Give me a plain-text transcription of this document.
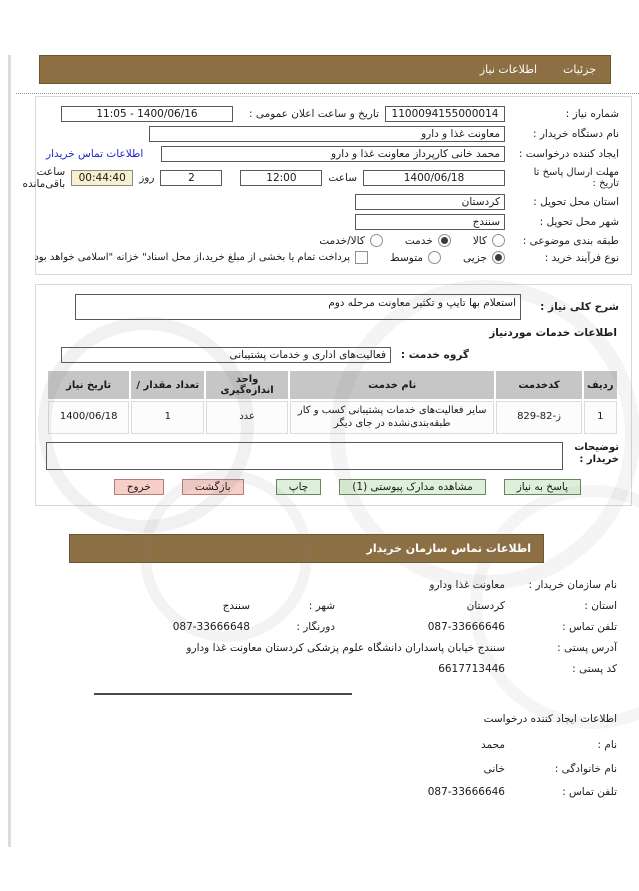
جزئیات
اطلاعات نیاز
شماره نیاز :
1100094155000014
تاریخ و ساعت اعلان عمومی :
11:05 - 1400/06/16
نام دستگاه خریدار :
معاونت غذا و دارو
ایجاد کننده درخواست :
محمد خانی کارپرداز معاونت غذا و دارو
اطلاعات تماس خریدار
مهلت ارسال پاسخ تا تاریخ :
1400/06/18
ساعت
12:00
2
روز
00:44:40
ساعت باقی‌مانده
استان محل تحویل :
کردستان
شهر محل تحویل :
سنندج
طبقه بندی موضوعی :
کالا
خدمت
کالا/خدمت
نوع فرآیند خرید :
جزیی
متوسط
پرداخت تمام یا بخشی از مبلغ خرید،از محل اسناد" خزانه "اسلامی خواهد بود
شرح کلی نیاز :
استعلام بها تایپ و تکثیر معاونت مرحله دوم
اطلاعات خدمات موردنیاز
گروه خدمت :
فعالیت‌های اداری و خدمات پشتیبانی
ردیف	کدخدمت	نام خدمت	واحد اندازه‌گیری	تعداد مقدار /	تاریخ نیاز
1	829-82-ز	سایر فعالیت‌های خدمات پشتیبانی کسب و کار طبقه‌بندی‌نشده در جای دیگر	عدد	1	1400/06/18
توضیحات
خریدار :
پاسخ به نیاز
مشاهده مدارک پیوستی (1)
چاپ
بازگشت
خروج
اطلاعات تماس سازمان خریدار
نام سازمان خریدار :
معاونت غذا ودارو
استان :
کردستان
شهر :
سنندج
تلفن تماس :
087-33666646
دورنگار :
087-33666648
آدرس پستی :
سنندج خیابان پاسداران دانشگاه علوم پزشکی کردستان معاونت غذا ودارو
کد پستی :
6617713446
اطلاعات ایجاد کننده درخواست
نام :
محمد
نام خانوادگی :
خانی
تلفن تماس :
087-33666646
